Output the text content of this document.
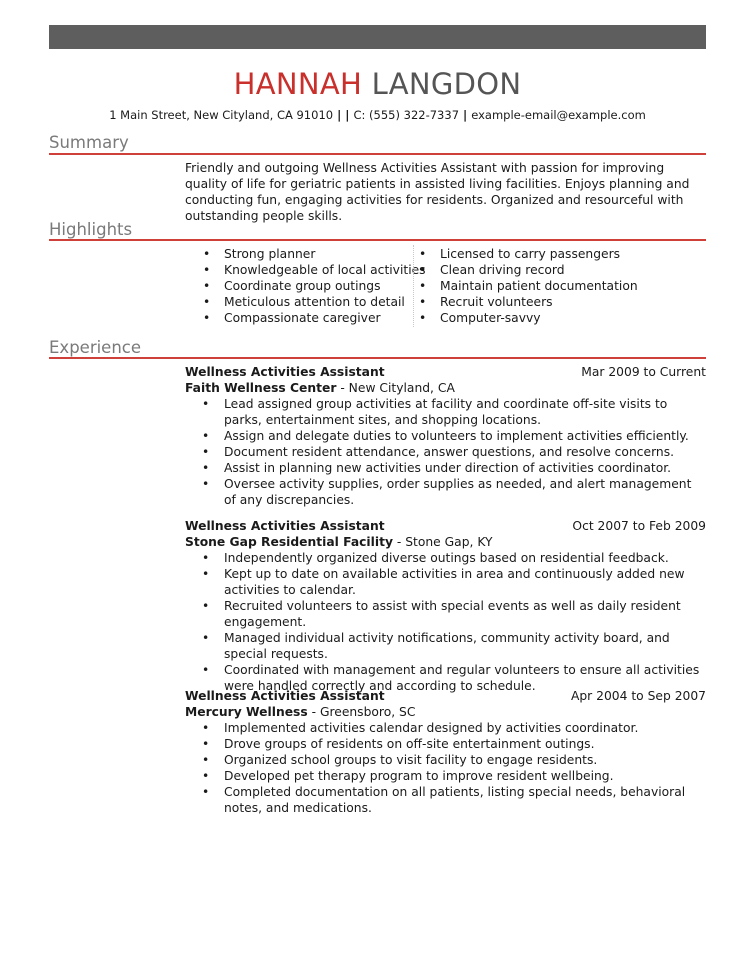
HANNAH LANGDON
1 Main Street, New Cityland, CA 91010 | | C: (555) 322-7337 | example-email@example.com
Summary

Friendly and outgoing Wellness Activities Assistant with passion for improving quality of life for geriatric patients in assisted living facilities. Enjoys planning and conducting fun, engaging activities for residents. Organized and resourceful with outstanding people skills.

Highlights
• Strong planner
• Knowledgeable of local activities
• Coordinate group outings
• Meticulous attention to detail
• Compassionate caregiver
• Licensed to carry passengers
• Clean driving record
• Maintain patient documentation
• Recruit volunteers
• Computer-savvy
Experience
Wellness Activities Assistant	Mar 2009 to Current
Faith Wellness Center - New Cityland, CA
• Lead assigned group activities at facility and coordinate off-site visits to parks, entertainment sites, and shopping locations.
• Assign and delegate duties to volunteers to implement activities efficiently.
• Document resident attendance, answer questions, and resolve concerns.
• Assist in planning new activities under direction of activities coordinator.
• Oversee activity supplies, order supplies as needed, and alert management of any discrepancies.
Wellness Activities Assistant	Oct 2007 to Feb 2009
Stone Gap Residential Facility - Stone Gap, KY
• Independently organized diverse outings based on residential feedback.
• Kept up to date on available activities in area and continuously added new activities to calendar.
• Recruited volunteers to assist with special events as well as daily resident engagement.
• Managed individual activity notifications, community activity board, and special requests.
• Coordinated with management and regular volunteers to ensure all activities were handled correctly and according to schedule.
Wellness Activities Assistant	Apr 2004 to Sep 2007
Mercury Wellness - Greensboro, SC
• Implemented activities calendar designed by activities coordinator.
• Drove groups of residents on off-site entertainment outings.
• Organized school groups to visit facility to engage residents.
• Developed pet therapy program to improve resident wellbeing.
• Completed documentation on all patients, listing special needs, behavioral notes, and medications.
